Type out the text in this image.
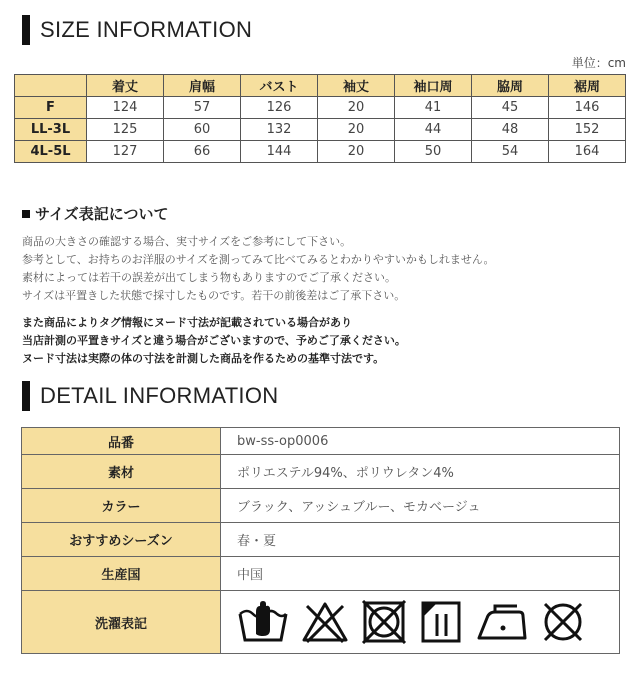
SIZE INFORMATION
単位：cm
	着丈	肩幅	バスト	袖丈	袖口周	脇周	裾周
F	124	57	126	20	41	45	146
LL-3L	125	60	132	20	44	48	152
4L-5L	127	66	144	20	50	54	164
サイズ表記について
商品の大きさの確認する場合、実寸サイズをご参考にして下さい。
参考として、お持ちのお洋服のサイズを測ってみて比べてみるとわかりやすいかもしれません。
素材によっては若干の誤差が出てしまう物もありますのでご了承ください。
サイズは平置きした状態で採寸したものです。若干の前後差はご了承下さい。
また商品によりタグ情報にヌード寸法が記載されている場合があり
当店計測の平置きサイズと違う場合がございますので、予めご了承ください。
ヌード寸法は実際の体の寸法を計測した商品を作るための基準寸法です。
DETAIL INFORMATION
品番	bw-ss-op0006
素材	ポリエステル94%、ポリウレタン4%
カラー	ブラック、アッシュブルー、モカベージュ
おすすめシーズン	春・夏
生産国	中国
洗濯表記	
